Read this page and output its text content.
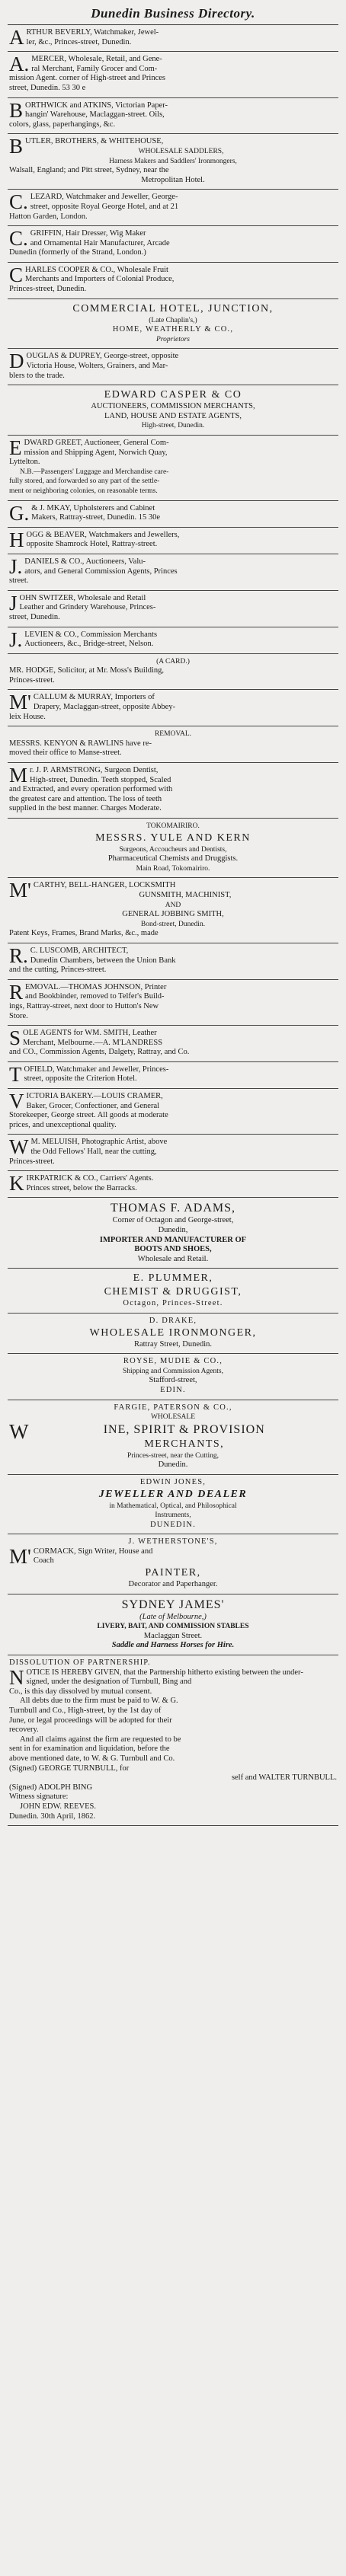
Dunedin Business Directory.

ARTHUR BEVERLY, Watchmaker, Jewel-

ler, &c., Princes-street, Dunedin.

A.MERCER, Wholesale, Retail, and Gene-

ral Merchant, Family Grocer and Com-

mission Agent. corner of High-street and Princes

street, Dunedin. 53 30 e

BORTHWICK and ATKINS, Victorian Paper-

hangin' Warehouse, Maclaggan-street. Oils,

colors, glass, paperhangings, &c.

BUTLER, BROTHERS, & WHITEHOUSE,

WHOLESALE SADDLERS,

Harness Makers and Saddlers' Ironmongers,

Walsall, England; and Pitt street, Sydney, near the

Metropolitan Hotel.

C.LEZARD, Watchmaker and Jeweller, George-

street, opposite Royal George Hotel, and at 21

Hatton Garden, London.

C.GRIFFIN, Hair Dresser, Wig Maker

and Ornamental Hair Manufacturer, Arcade

Dunedin (formerly of the Strand, London.)

CHARLES COOPER & CO., Wholesale Fruit

Merchants and Importers of Colonial Produce,

Princes-street, Dunedin.

COMMERCIAL HOTEL, JUNCTION,

(Late Chaplin's,)

HOME, WEATHERLY & CO.,

Proprietors

DOUGLAS & DUPREY, George-street, opposite

Victoria House, Wolters, Grainers, and Mar-

blers to the trade.

EDWARD CASPER & CO

AUCTIONEERS, COMMISSION MERCHANTS,

LAND, HOUSE AND ESTATE AGENTS,

High-street, Dunedin.

EDWARD GREET, Auctioneer, General Com-

mission and Shipping Agent, Norwich Quay,

Lyttelton.

N.B.—Passengers' Luggage and Merchandise care-

fully stored, and forwarded so any part of the settle-

ment or neighboring colonies, on reasonable terms.

G.& J. MKAY, Upholsterers and Cabinet

Makers, Rattray-street, Dunedin. 15 30e

HOGG & BEAVER, Watchmakers and Jewellers,

opposite Shamrock Hotel, Rattray-street.

J.DANIELS & CO., Auctioneers, Valu-

ators, and General Commission Agents, Princes

street.

JOHN SWITZER, Wholesale and Retail

Leather and Grindery Warehouse, Princes-

street, Dunedin.

J.LEVIEN & CO., Commission Merchants

Auctioneers, &c., Bridge-street, Nelson.

(A CARD.)

MR. HODGE, Solicitor, at Mr. Moss's Building,

Princes-street.

M'CALLUM & MURRAY, Importers of

Drapery, Maclaggan-street, opposite Abbey-

leix House.

REMOVAL.

MESSRS. KENYON & RAWLINS have re-

moved their office to Manse-street.

Mr. J. P. ARMSTRONG, Surgeon Dentist,

High-street, Dunedin. Teeth stopped, Scaled

and Extracted, and every operation performed with

the greatest care and attention. The loss of teeth

supplied in the best manner. Charges Moderate.

TOKOMAIRIRO.

MESSRS. YULE AND KERN

Surgeons, Accoucheurs and Dentists,

Pharmaceutical Chemists and Druggists.

Main Road, Tokomairiro.

M'CARTHY, BELL-HANGER, LOCKSMITH

GUNSMITH, MACHINIST,

AND

GENERAL JOBBING SMITH,

Bond-street, Dunedin.

Patent Keys, Frames, Brand Marks, &c., made

R.C. LUSCOMB, ARCHITECT,

Dunedin Chambers, between the Union Bank

and the cutting, Princes-street.

REMOVAL.—THOMAS JOHNSON, Printer

and Bookbinder, removed to Telfer's Build-

ings, Rattray-street, next door to Hutton's New

Store.

SOLE AGENTS for WM. SMITH, Leather

Merchant, Melbourne.—A. M'LANDRESS

and CO., Commission Agents, Dalgety, Rattray, and Co.

TOFIELD, Watchmaker and Jeweller, Princes-

street, opposite the Criterion Hotel.

VICTORIA BAKERY.—LOUIS CRAMER,

Baker, Grocer, Confectioner, and General

Storekeeper, George street. All goods at moderate

prices, and unexceptional quality.

WM. MELUISH, Photographic Artist, above

the Odd Fellows' Hall, near the cutting,

Princes-street.

KIRKPATRICK & CO., Carriers' Agents.

Princes street, below the Barracks.

THOMAS F. ADAMS,

Corner of Octagon and George-street,

Dunedin,

IMPORTER AND MANUFACTURER OF

BOOTS AND SHOES,

Wholesale and Retail.

E. PLUMMER,

CHEMIST & DRUGGIST,

Octagon, Princes-Street.

D. DRAKE,

WHOLESALE IRONMONGER,

Rattray Street, Dunedin.

ROYSE, MUDIE & CO.,

Shipping and Commission Agents,

Stafford-street,

EDIN.

FARGIE, PATERSON & CO.,

WHOLESALE

WINE, SPIRIT & PROVISION

MERCHANTS,

Princes-street, near the Cutting,

Dunedin.

EDWIN JONES,

JEWELLER AND DEALER

in Mathematical, Optical, and Philosophical

Instruments,

DUNEDIN.

J. WETHERSTONE'S,

M'CORMACK, Sign Writer, House and

Coach

PAINTER,

Decorator and Paperhanger.

SYDNEY JAMES'

(Late of Melbourne,)

LIVERY, BAIT, AND COMMISSION STABLES

Maclaggan Street.

Saddle and Harness Horses for Hire.

DISSOLUTION OF PARTNERSHIP.

NOTICE IS HEREBY GIVEN, that the Partnership hitherto existing between the under-

signed, under the designation of Turnbull, Bing and

Co., is this day dissolved by mutual consent.

All debts due to the firm must be paid to W. & G.

Turnbull and Co., High-street, by the 1st day of

June, or legal proceedings will be adopted for their

recovery.

And all claims against the firm are requested to be

sent in for examination and liquidation, before the

above mentioned date, to W. & G. Turnbull and Co.

(Signed) GEORGE TURNBULL, for

self and WALTER TURNBULL.

(Signed) ADOLPH BING

Witness signature:

JOHN EDW. REEVES.

Dunedin. 30th April, 1862.
